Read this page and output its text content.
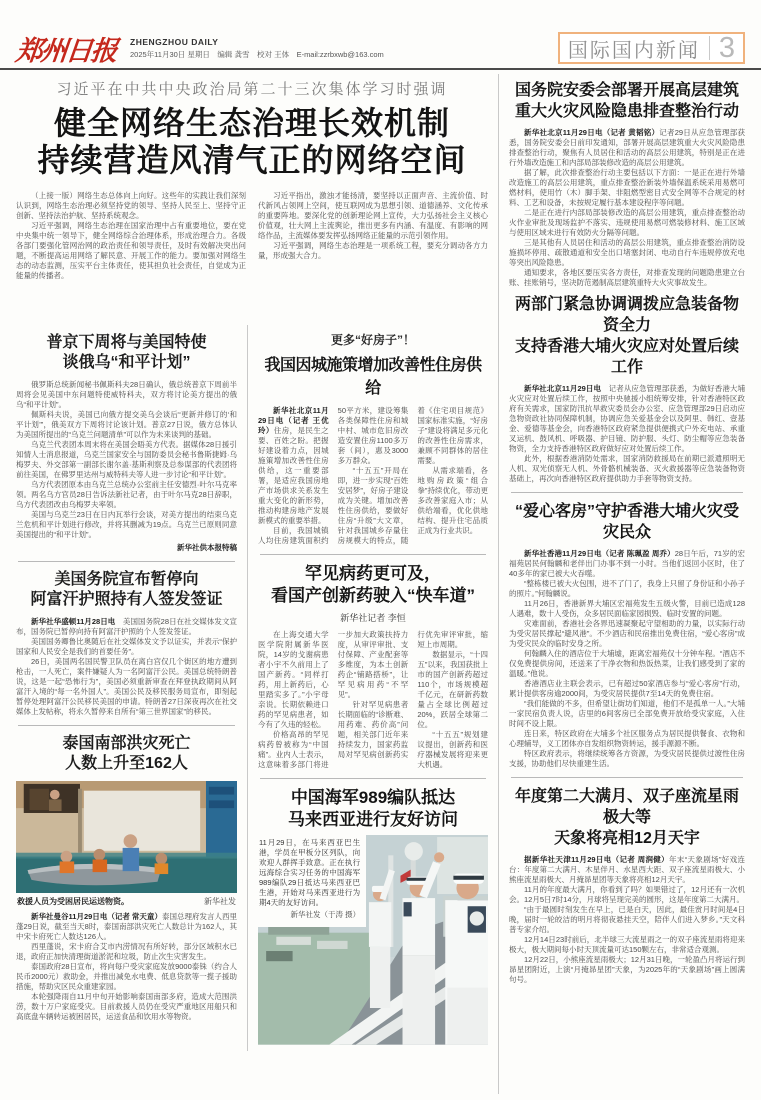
郑州日报 ZHENGZHOU DAILY
2025年11月30日 星期日　编辑 龚雪　校对 王体　E-mail:zzrbxwb@163.com	国际国内新闻 3
习近平在中共中央政治局第二十三次集体学习时强调
健全网络生态治理长效机制
持续营造风清气正的网络空间

（上接一版）网络生态总体向上向好。这些年的实践让我们深刻认识到，网络生态治理必须坚持党的领导、坚持人民至上、坚持守正创新、坚持法治护航、坚持系统观念。

习近平强调，网络生态治理在国家治理中占有重要地位，要在党中央集中统一领导下，健全网络综合治理体系，形成治理合力。各级各部门要强化管网治网的政治责任和领导责任，及时有效解决突出问题，不断提高运用网络了解民意、开展工作的能力。要加强对网络生态的动态监测，压实平台主体责任，使其担负社会责任，自觉成为正能量的传播者。

习近平指出，激浊才能扬清，要坚持以正面声音、主流价值、时代新风占领网上空间，使互联网成为思想引领、道德涵养、文化传承的重要阵地。要深化党的创新理论网上宣传，大力弘扬社会主义核心价值观，壮大网上主流舆论，推出更多有内涵、有温度、有影响的网络作品，主流媒体要发挥弘扬网络正能量的示范引领作用。

习近平强调，网络生态治理是一项系统工程，要充分调动各方力量，形成强大合力。

普京下周将与美国特使
谈俄乌“和平计划”

俄罗斯总统新闻秘书佩斯科夫28日确认，俄总统普京下周前半周将会见美国中东问题特使威特科夫，双方将讨论美方提出的俄乌“和平计划”。

佩斯科夫说，美国已向俄方提交美乌会谈后“更新并修订的‘和平计划’”，俄美双方下周将讨论该计划。普京27日说，俄方总体认为美国所提出的“乌克兰问题清单”可以作为未来谈判的基础。

乌克兰代表团本周末将在美国会晤美方代表。据媒体28日援引知情人士消息报道，乌克兰国家安全与国防委员会秘书鲁斯捷姆·乌梅罗夫、外交部第一副部长谢尔盖·基斯利察及总参谋部的代表团将前往美国，在佛罗里达州与威特科夫等人进一步讨论“和平计划”。

乌方代表团原本由乌克兰总统办公室前主任安德烈·叶尔马克率领。两名乌方官员28日告诉法新社记者，由于叶尔马克28日辞职，乌方代表团改由乌梅罗夫率领。

美国与乌克兰23日在日内瓦举行会谈，对美方提出的结束乌克兰危机和平计划进行修改，并将其删减为19点。乌克兰已原则同意美国提出的“和平计划”。

新华社供本报特稿
美国务院宣布暂停向
阿富汗护照持有人签发签证

新华社华盛顿11月28日电　美国国务院28日在社交媒体发文宣布，国务院已暂停向持有阿富汗护照的个人签发签证。

美国国务卿鲁比奥随后在社交媒体发文予以证实，并表示“保护国家和人民安全是我们的首要任务”。

26日，美国两名国民警卫队员在离白宫仅几个街区的地方遭到枪击，一人死亡，案件嫌疑人为一名阿富汗公民。美国总统特朗普说，这是一起“恐怖行为”，美国必须重新审查在拜登执政期间从阿富汗入境的“每一名外国人”。美国公民及移民服务局宣布，即刻起暂停处理阿富汗公民移民美国的申请。特朗普27日深夜再次在社交媒体上发帖称，将永久暂停来自所有“第三世界国家”的移民。

泰国南部洪灾死亡
人数上升至162人
救援人员为受困居民运送物资。	新华社发

新华社曼谷11月29日电（记者 常天童）泰国总理府发言人西里蓬29日说，截至当天8时，泰国南部洪灾死亡人数总计为162人，其中宋卡府死亡人数达126人。

西里蓬说，宋卡府合艾市内涝情况有所好转，部分区域积水已退，政府正加快清理街道淤泥和垃圾，防止次生灾害发生。

泰国政府28日宣布，将向每户受灾家庭发放9000泰铢（约合人民币2000元）救助金，并推出减免水电费、低息贷款等一揽子援助措施，帮助灾区民众重建家园。

本轮强降雨自11月中旬开始影响泰国南部多府，造成大范围洪涝，数十万户家庭受灾。目前救援人员仍在受灾严重地区用船只和高底盘车辆转运被困居民，运送食品和饮用水等物资。

更多“好房子”！
我国因城施策增加改善性住房供给

新华社北京11月29日电（记者 王优玲）住房，是民生之要、百姓之盼。把握好建设着力点，因城施策增加改善性住房供给，这一重要部署，是适应我国房地产市场供求关系发生重大变化的新形势，推动构建房地产发展新模式的重要举措。

目前，我国城镇人均住房建筑面积约50平方米，建设筹集各类保障性住房和城中村、城市危旧房改造安置住房1100多万套（间），惠及3000多万群众。

“十五五”开局在即，进一步实现“百姓安居梦”，好房子建设成为关键。增加改善性住房供给，要做好住房“升级”大文章，针对我国城乡存量住房规模大的特点，随着《住宅项目规范》国家标准实施，“好房子”建设将满足多元化的改善性住房需求，兼顾不同群体的居住需要。

从需求端看，各地购房政策“组合拳”持续优化，带动更多改善家庭入市；从供给端看，优化供地结构、提升住宅品质正成为行业共识。

罕见病药更可及，
看国产创新药驶入“快车道”
新华社记者 李恒

在上海交通大学医学院附属新华医院，14岁的戈谢病患者小宇不久前用上了国产新药。“同样打药，用上新药后，心里踏实多了。”小宇母亲说。长期依赖进口药的罕见病患者，如今有了久违的轻松。

价格高昂的罕见病药曾被称为“中国痛”。业内人士表示，这意味着多部门将进一步加大政策扶持力度，从审评审批、支付保障、产业配套等多维度，为本土创新药企“铺路搭桥”，让罕见病用药“不罕见”。

针对罕见病患者长期面临的“诊断难、用药难、药价高”问题，相关部门近年来持续发力，国家药监局对罕见病创新药实行优先审评审批，缩短上市周期。

数据显示，“十四五”以来，我国获批上市的国产创新药超过110个，市场规模超千亿元，在研新药数量占全球比例超过20%，跃居全球第二位。

“十五五”规划建议提出，创新药和医疗器械发展将迎来更大机遇。

中国海军989编队抵达
马来西亚进行友好访问
11月29日，在马来西亚巴生港，学员在甲板分区列队，向欢迎人群挥手致意。正在执行远海综合实习任务的中国海军989编队29日抵达马来西亚巴生港，开始对马来西亚进行为期4天的友好访问。
新华社发（于涛 摄）
国务院安委会部署开展高层建筑
重大火灾风险隐患排查整治行动

新华社北京11月29日电（记者 黄韬铭）记者29日从应急管理部获悉，国务院安委会日前印发通知，部署开展高层建筑重大火灾风险隐患排查整治行动，聚焦有人员居住和活动的高层公用建筑，特别是正在进行外墙改造施工和内部局部装修改造的高层公用建筑。

据了解，此次排查整治行动主要包括以下方面：一是正在进行外墙改造施工的高层公用建筑，重点排查整治新装外墙保温系统采用易燃可燃材料，使用竹（木）脚手架、非阻燃型密目式安全网等不合规定的材料、工艺和设备，未按规定履行基本建设程序等问题。

二是正在进行内部局部装修改造的高层公用建筑，重点排查整治动火作业审批及现场监护不落实、违规使用易燃可燃装修材料、施工区域与使用区域未进行有效防火分隔等问题。

三是其他有人员居住和活动的高层公用建筑，重点排查整治消防设施损坏停用、疏散通道和安全出口堵塞封闭、电动自行车违规停放充电等突出风险隐患。

通知要求，各地区要压实各方责任，对排查发现的问题隐患建立台账、挂账销号，坚决防范遏制高层建筑重特大火灾事故发生。

两部门紧急协调调拨应急装备物资全力
支持香港大埔火灾应对处置后续工作

新华社北京11月29日电　记者从应急管理部获悉，为做好香港大埔火灾应对处置后续工作，按照中央驰援小组统筹安排，针对香港特区政府有关需求，国家防汛抗旱救灾委员会办公室、应急管理部29日启动应急物资政社协同保障机制，协调应急关爱基金会以及阿里、韩红、壹基金、爱德等基金会，向香港特区政府紧急提供便携式户外充电站、承重叉运机、鼓风机、呼吸器、护目镜、防护服、头灯、防尘帽等应急装备物资，全力支持香港特区政府做好应对处置后续工作。

此外，根据香港消防处需求，国家消防救援局在前期已派遣照明无人机、双光侦察无人机、外骨骼机械装备、灭火救援器等应急装备物资基础上，再次向香港特区政府提供助力手套等物资支持。

“爱心客房”守护香港大埔火灾受灾民众

新华社香港11月29日电（记者 陈珮盈 周乔）28日午后，71岁的宏福苑居民何翰麟和老伴出门办事不到一小时。当他们返回小区时，住了40多年的家已被大火吞噬。

“整栋楼已被大火包围，进不了门了，我身上只留了身份证和小孙子的照片。”何翰麟说。

11月26日，香港新界大埔区宏福苑发生五级火警，目前已造成128人遇难，数十人受伤，众多居民面临家园损毁、临时安置的问题。

灾难面前，香港社会各界迅速凝聚起守望相助的力量，以实际行动为受灾居民撑起“避风港”。不少酒店和民宿推出免费住宿，“爱心客房”成为受灾民众的临时安身之所。

何翰麟入住的酒店位于大埔墟，距离宏福苑仅十分钟车程。“酒店不仅免费提供房间，还送来了干净衣物和热饭热菜，让我们感受到了家的温暖。”他说。

香港酒店业主联会表示，已有超过50家酒店参与“爱心客房”行动，累计提供客房逾2000间，为受灾居民提供7至14天的免费住宿。

“我们能做的不多，但希望让街坊们知道，他们不是孤单一人。”大埔一家民宿负责人说，店里的6间客房已全部免费开放给受灾家庭，入住时间不设上限。

连日来，特区政府在大埔多个社区服务点为居民提供餐食、衣物和心理辅导，义工团体亦自发组织物资转运，援手源源不断。

特区政府表示，将继续统筹各方资源，为受灾居民提供过渡性住房支援，协助他们尽快重建生活。

年度第二大满月、双子座流星雨极大等
天象将亮相12月天宇

据新华社天津11月29日电（记者 周润健）年末“天象剧场”好戏连台：年度第二大满月、木星伴月、水星西大距、双子座流星雨极大、小熊座流星雨极大、月掩昴星团等天象将亮相12月天宇。

11月的年度最大满月，你看到了吗？如果错过了，12月还有一次机会。12月5日7时14分，月球将呈现完美的圆形，这是年度第二大满月。

“由于最圆时刻发生在早上，已是白天，因此，最佳赏月时间是4日晚，届时一轮皎洁的明月将彻夜悬挂天空，陪伴人们进入梦乡。”天文科普专家介绍。

12月14日23时前后，北半球三大流星雨之一的双子座流星雨将迎来极大，极大期间每小时天顶流量可达150颗左右，非常适合观测。

12月22日，小熊座流星雨极大；12月31日晚，一轮盈凸月将运行到昴星团附近，上演“月掩昴星团”天象，为2025年的“天象剧场”画上圆满句号。
